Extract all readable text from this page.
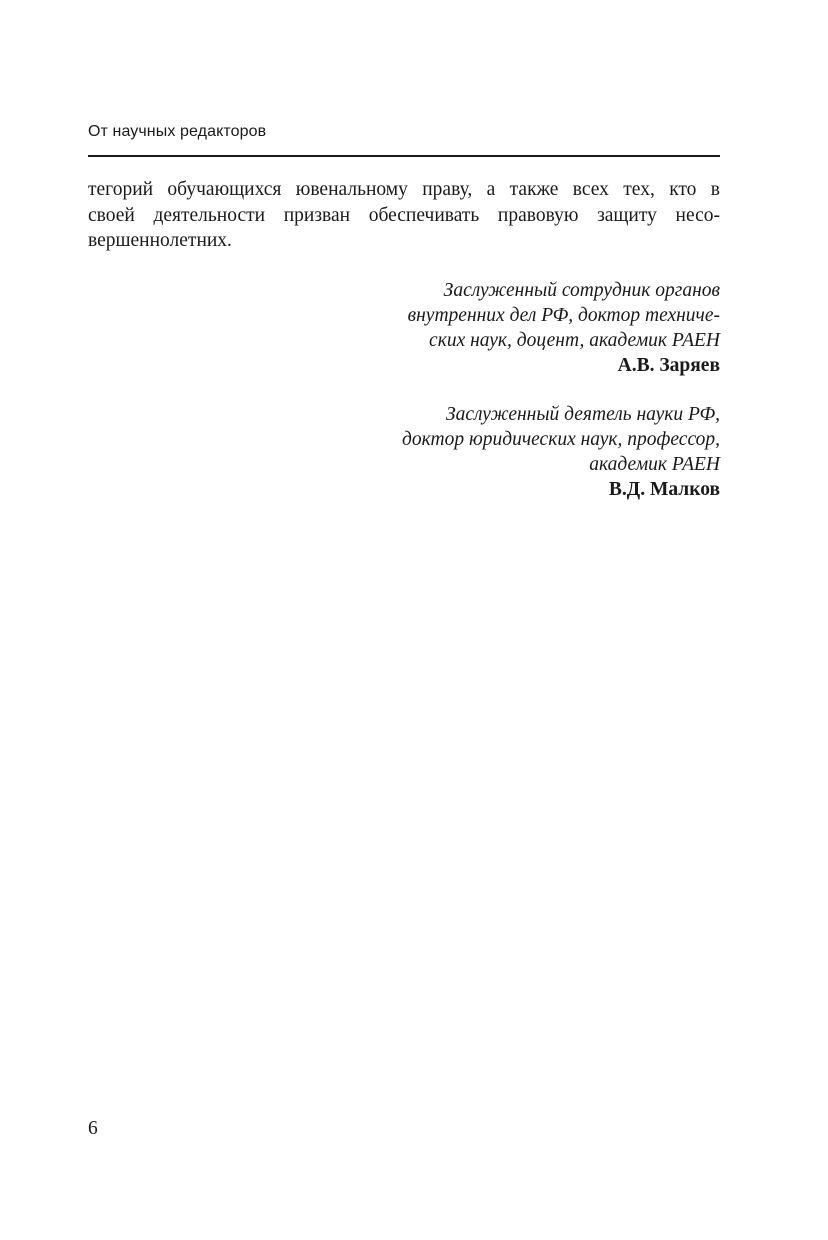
От научных редакторов
тегорий обучающихся ювенальному праву, а также всех тех, кто в
своей деятельности призван обеспечивать правовую защиту несо-
вершеннолетних.
Заслуженный сотрудник органов
внутренних дел РФ, доктор техниче-
ских наук, доцент, академик РАЕН
А.В. Заряев
Заслуженный деятель науки РФ,
доктор юридических наук, профессор,
академик РАЕН
В.Д. Малков
6
